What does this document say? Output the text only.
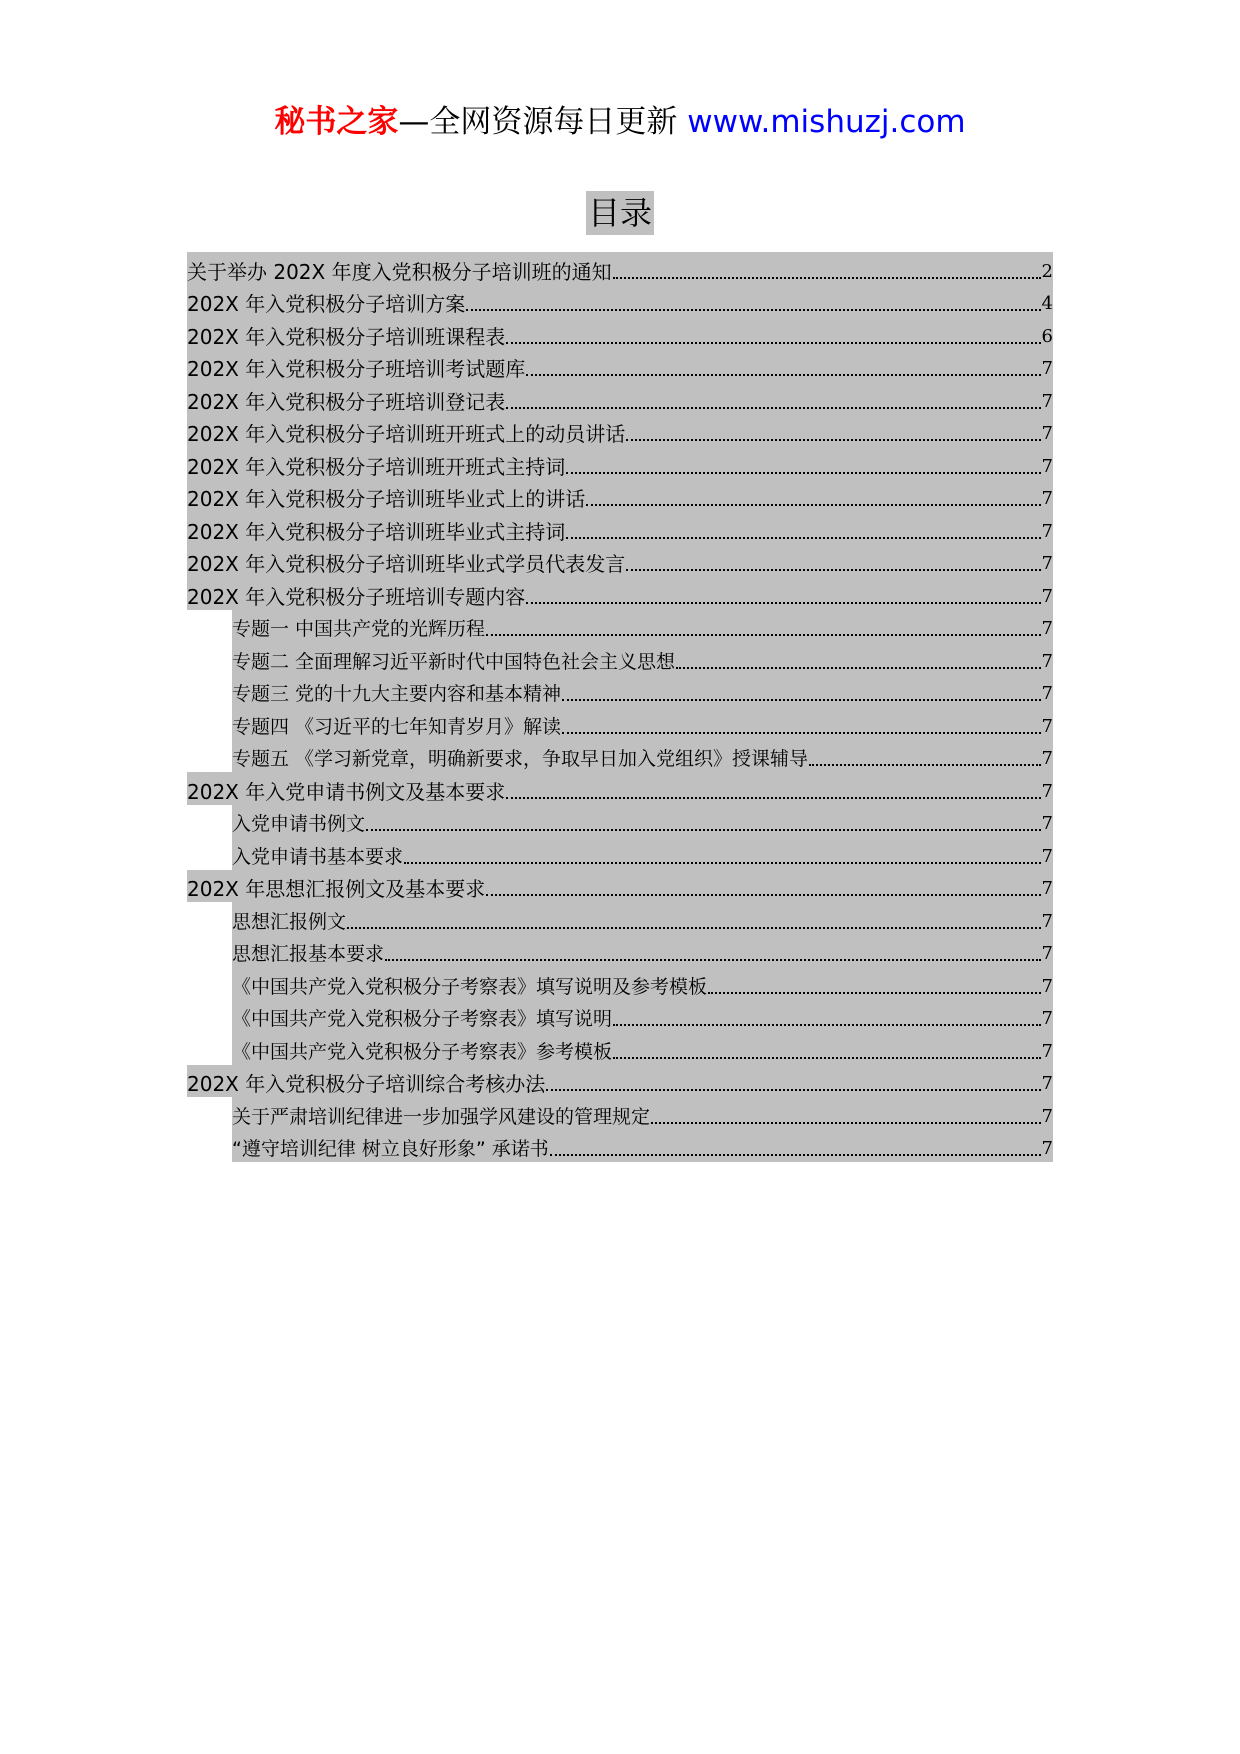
秘书之家—全网资源每日更新 www.mishuzj.com
目录
关于举办 202X 年度入党积极分子培训班的通知	2
202X 年入党积极分子培训方案	4
202X 年入党积极分子培训班课程表	6
202X 年入党积极分子班培训考试题库	7
202X 年入党积极分子班培训登记表	7
202X 年入党积极分子培训班开班式上的动员讲话	7
202X 年入党积极分子培训班开班式主持词	7
202X 年入党积极分子培训班毕业式上的讲话	7
202X 年入党积极分子培训班毕业式主持词	7
202X 年入党积极分子培训班毕业式学员代表发言	7
202X 年入党积极分子班培训专题内容	7
专题一 中国共产党的光辉历程	7
专题二 全面理解习近平新时代中国特色社会主义思想	7
专题三 党的十九大主要内容和基本精神	7
专题四 《习近平的七年知青岁月》解读	7
专题五 《学习新党章，明确新要求，争取早日加入党组织》授课辅导	7
202X 年入党申请书例文及基本要求	7
入党申请书例文	7
入党申请书基本要求	7
202X 年思想汇报例文及基本要求	7
思想汇报例文	7
思想汇报基本要求	7
《中国共产党入党积极分子考察表》填写说明及参考模板	7
《中国共产党入党积极分子考察表》填写说明	7
《中国共产党入党积极分子考察表》参考模板	7
202X 年入党积极分子培训综合考核办法	7
关于严肃培训纪律进一步加强学风建设的管理规定	7
“遵守培训纪律 树立良好形象” 承诺书	7
